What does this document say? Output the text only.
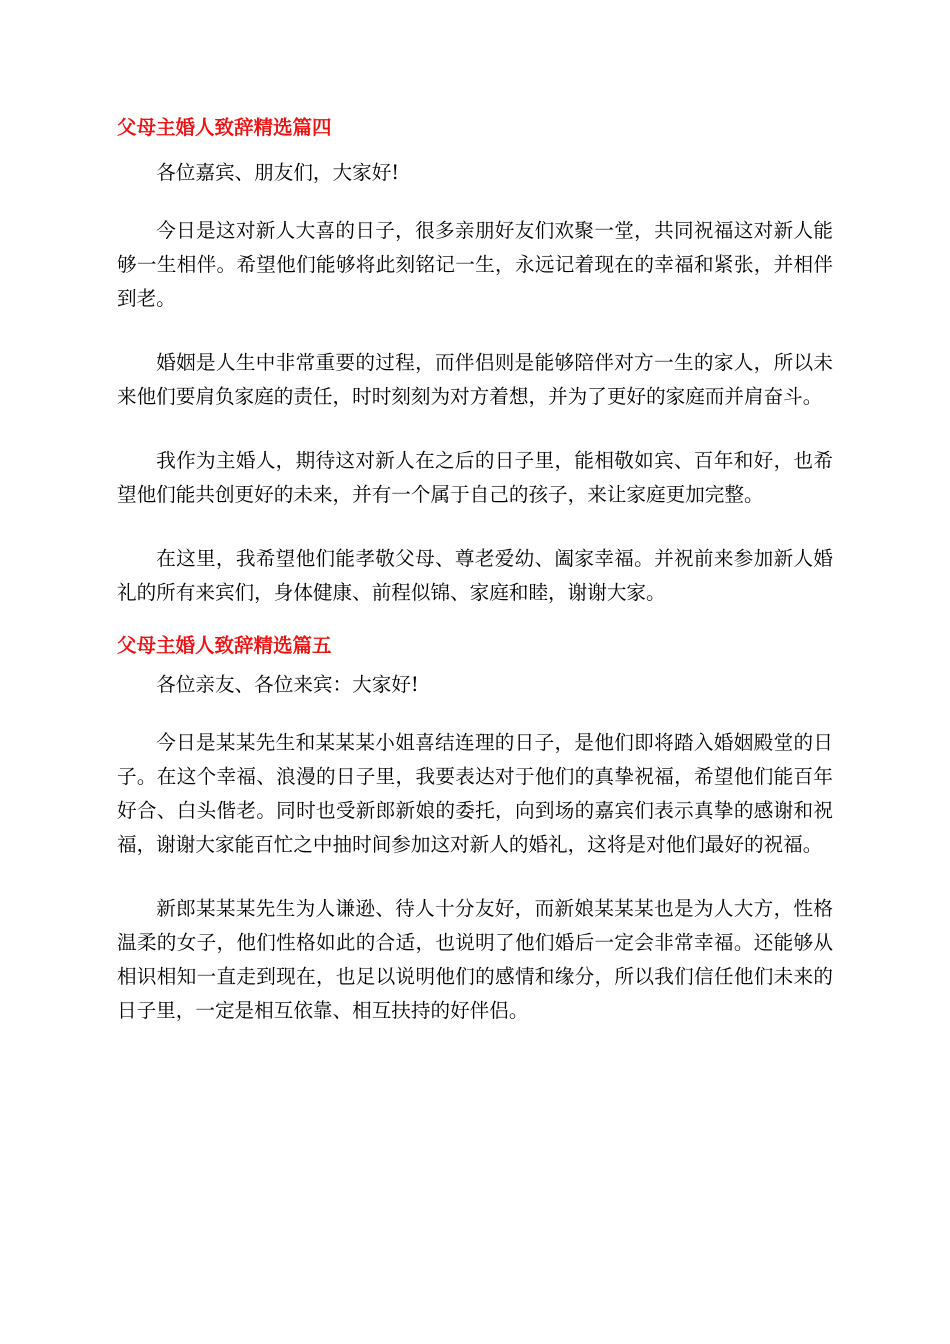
父母主婚人致辞精选篇四

各位嘉宾、朋友们，大家好!

今日是这对新人大喜的日子，很多亲朋好友们欢聚一堂，共同祝福这对新人能够一生相伴。希望他们能够将此刻铭记一生，永远记着现在的幸福和紧张，并相伴到老。

婚姻是人生中非常重要的过程，而伴侣则是能够陪伴对方一生的家人，所以未来他们要肩负家庭的责任，时时刻刻为对方着想，并为了更好的家庭而并肩奋斗。

我作为主婚人，期待这对新人在之后的日子里，能相敬如宾、百年和好，也希望他们能共创更好的未来，并有一个属于自己的孩子，来让家庭更加完整。

在这里，我希望他们能孝敬父母、尊老爱幼、阖家幸福。并祝前来参加新人婚礼的所有来宾们，身体健康、前程似锦、家庭和睦，谢谢大家。

父母主婚人致辞精选篇五

各位亲友、各位来宾：大家好!

今日是某某先生和某某某小姐喜结连理的日子，是他们即将踏入婚姻殿堂的日子。在这个幸福、浪漫的日子里，我要表达对于他们的真挚祝福，希望他们能百年好合、白头偕老。同时也受新郎新娘的委托，向到场的嘉宾们表示真挚的感谢和祝福，谢谢大家能百忙之中抽时间参加这对新人的婚礼，这将是对他们最好的祝福。

新郎某某某先生为人谦逊、待人十分友好，而新娘某某某也是为人大方，性格温柔的女子，他们性格如此的合适，也说明了他们婚后一定会非常幸福。还能够从相识相知一直走到现在，也足以说明他们的感情和缘分，所以我们信任他们未来的日子里，一定是相互依靠、相互扶持的好伴侣。
